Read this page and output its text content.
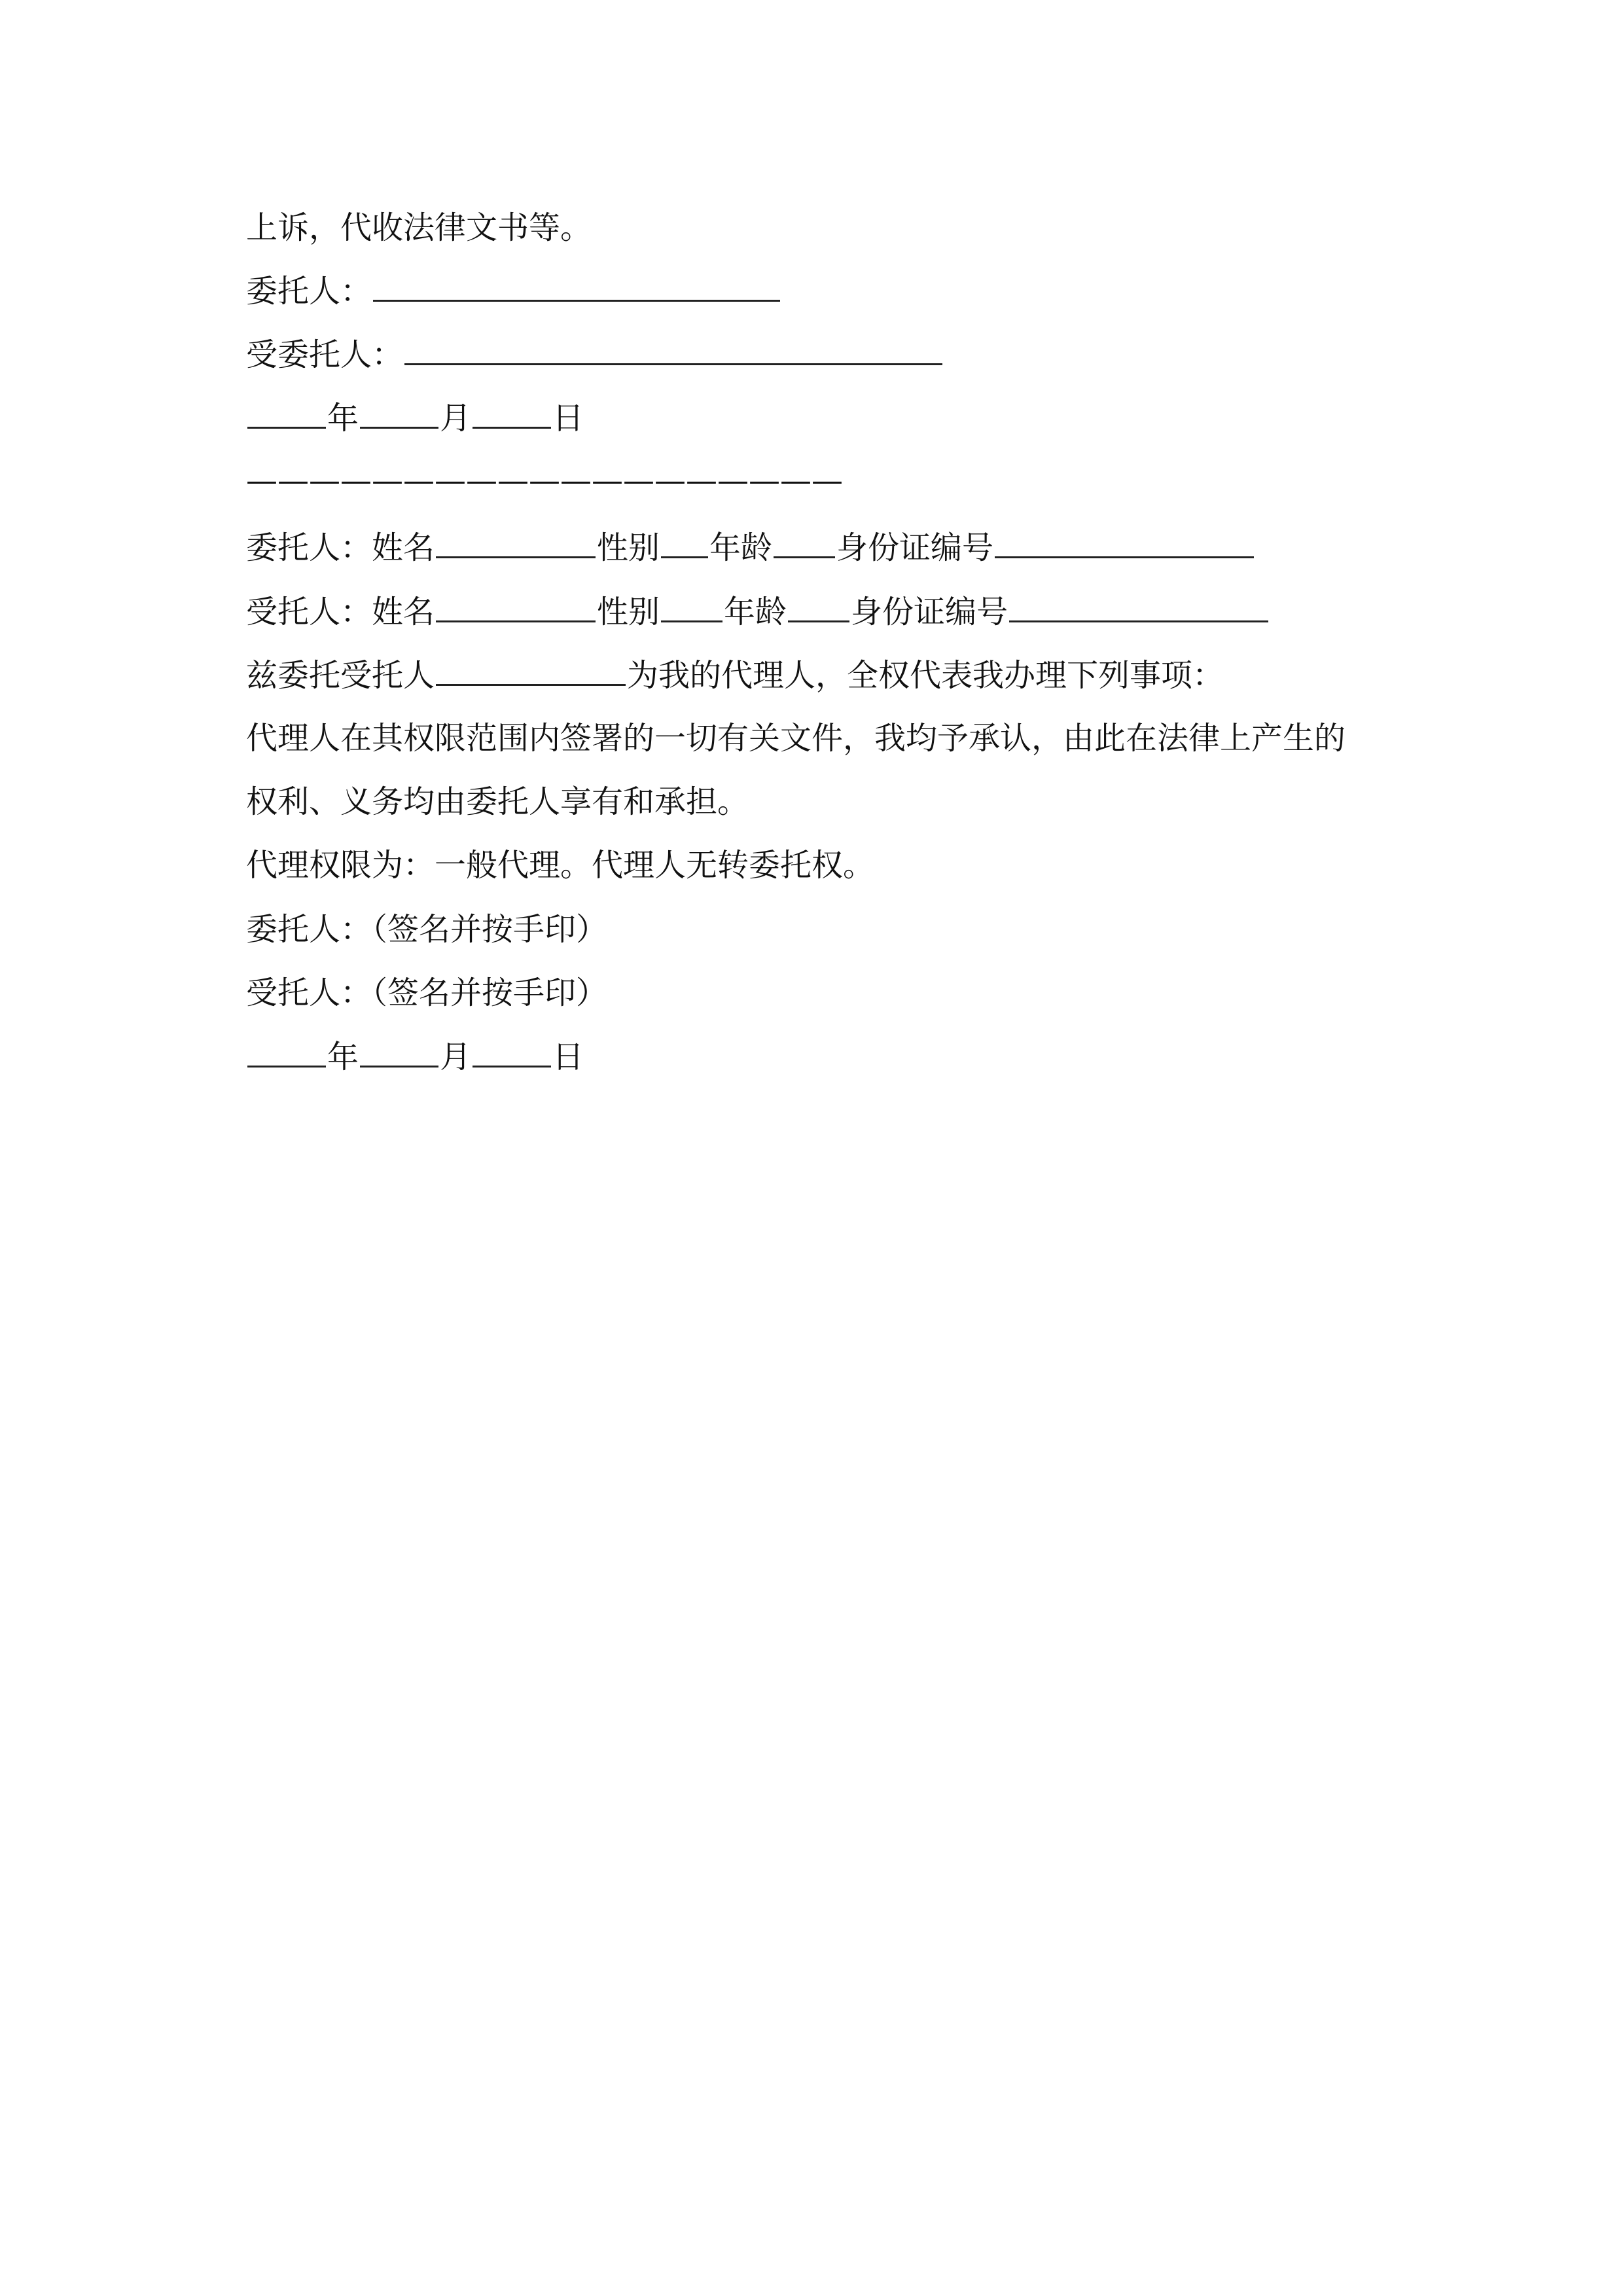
上诉，代收法律文书等。
委托人：
受委托人：
年	月	日
———————————————————
委托人：姓名	性别 年龄 身份证编号
受托人：姓名	性别 年龄 身份证编号
兹委托受托人	为我的代理人，全权代表我办理下列事项：
代理人在其权限范围内签署的一切有关文件，我均予承认，由此在法律上产生的
权利、义务均由委托人享有和承担。
代理权限为：一般代理。代理人无转委托权。
委托人：（签名并按手印）
受托人：（签名并按手印）
年	月	日
